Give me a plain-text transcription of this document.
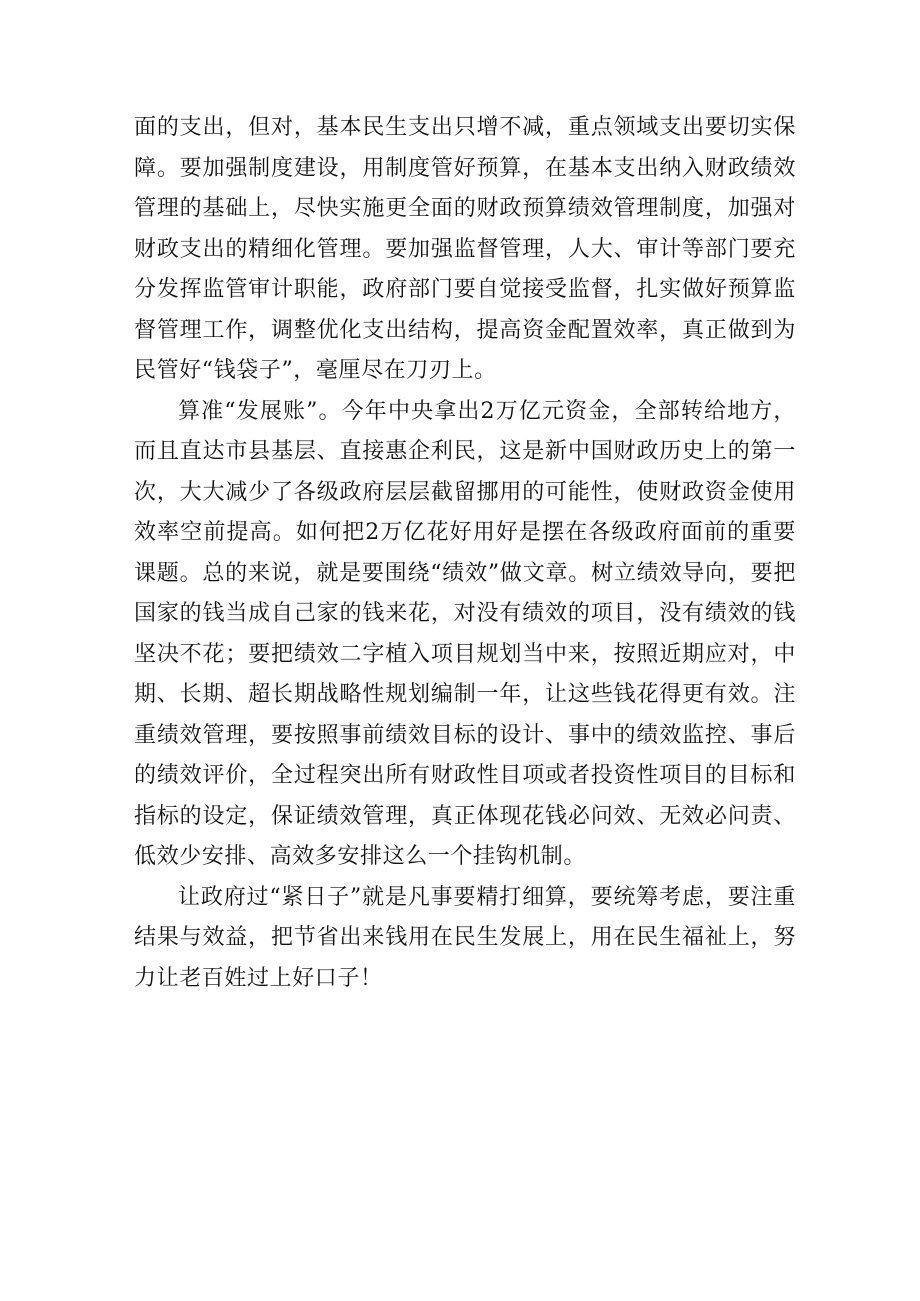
面的支出，但对，基本民生支出只增不减，重点领域支出要切实保障。要加强制度建设，用制度管好预算，在基本支出纳入财政绩效管理的基础上，尽快实施更全面的财政预算绩效管理制度，加强对财政支出的精细化管理。要加强监督管理，人大、审计等部门要充分发挥监管审计职能，政府部门要自觉接受监督，扎实做好预算监督管理工作，调整优化支出结构，提高资金配置效率，真正做到为民管好“钱袋子”，毫厘尽在刀刃上。

算准“发展账”。今年中央拿出2万亿元资金，全部转给地方，而且直达市县基层、直接惠企利民，这是新中国财政历史上的第一次，大大减少了各级政府层层截留挪用的可能性，使财政资金使用效率空前提高。如何把2万亿花好用好是摆在各级政府面前的重要课题。总的来说，就是要围绕“绩效”做文章。树立绩效导向，要把国家的钱当成自己家的钱来花，对没有绩效的项目，没有绩效的钱坚决不花；要把绩效二字植入项目规划当中来，按照近期应对，中期、长期、超长期战略性规划编制一年，让这些钱花得更有效。注重绩效管理，要按照事前绩效目标的设计、事中的绩效监控、事后的绩效评价，全过程突出所有财政性目项或者投资性项目的目标和指标的设定，保证绩效管理，真正体现花钱必问效、无效必问责、低效少安排、高效多安排这么一个挂钩机制。

让政府过“紧日子”就是凡事要精打细算，要统筹考虑，要注重结果与效益，把节省出来钱用在民生发展上，用在民生福祉上，努力让老百姓过上好口子！
